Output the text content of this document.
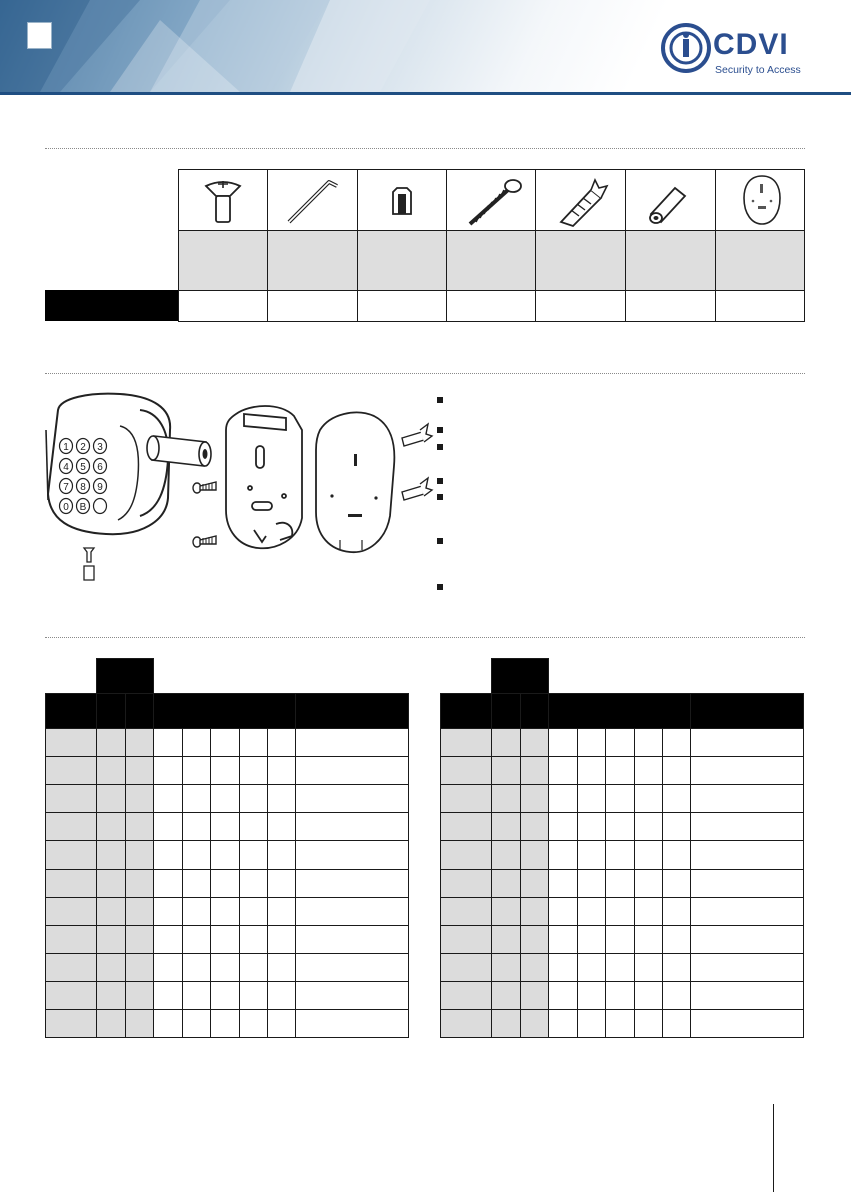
CDVI
Security to Access
1 2 3
4 5 6
7 8 9
0 B
